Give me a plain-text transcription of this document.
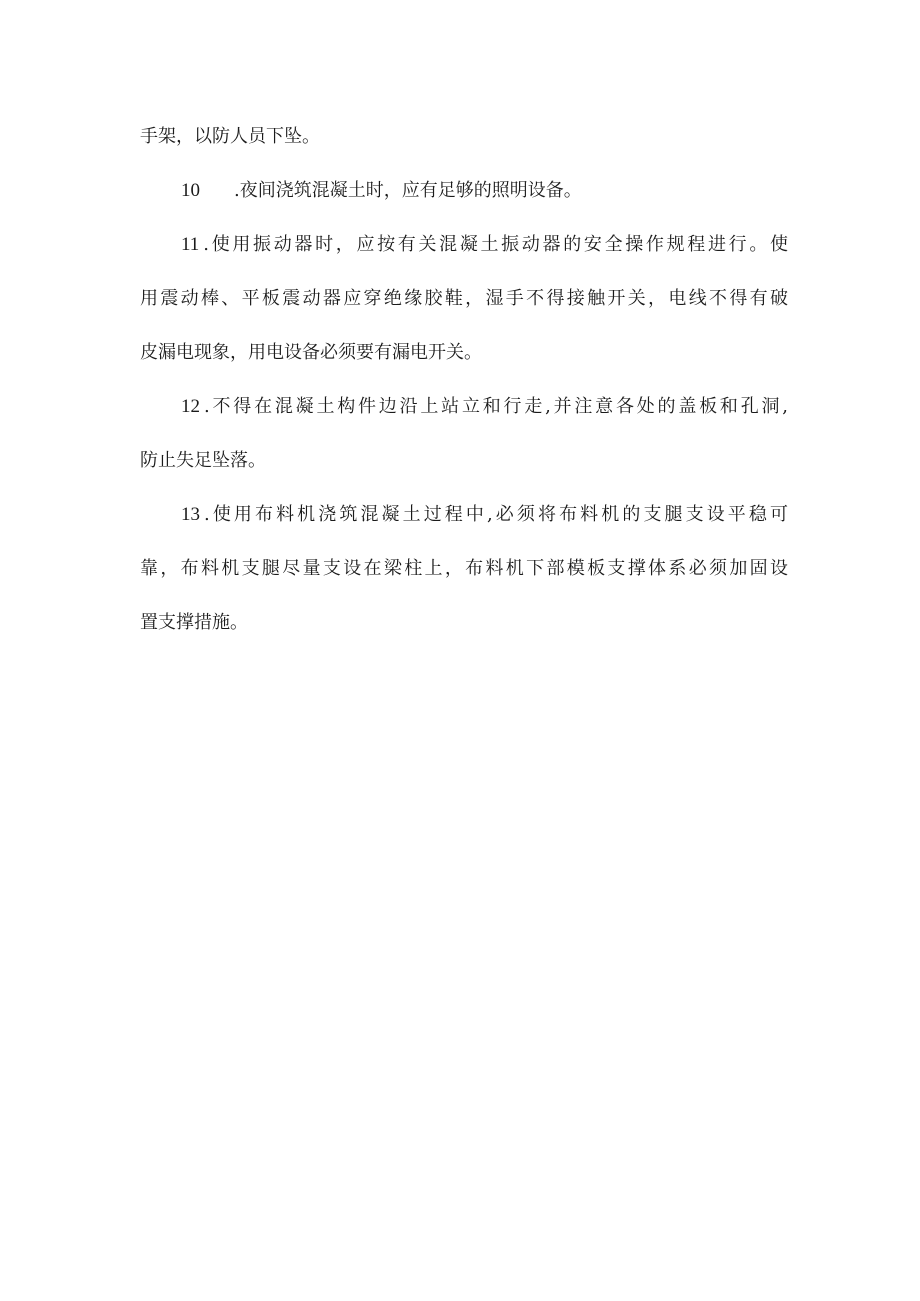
手架，以防人员下坠。
10 .夜间浇筑混凝土时，应有足够的照明设备。
11 .使用振动器时，应按有关混凝土振动器的安全操作规程进行。使
用震动棒、平板震动器应穿绝缘胶鞋，湿手不得接触开关，电线不得有破
皮漏电现象，用电设备必须要有漏电开关。
12 .不得在混凝土构件边沿上站立和行走,并注意各处的盖板和孔洞,
防止失足坠落。
13 .使用布料机浇筑混凝土过程中,必须将布料机的支腿支设平稳可
靠，布料机支腿尽量支设在梁柱上，布料机下部模板支撑体系必须加固设
置支撑措施。
